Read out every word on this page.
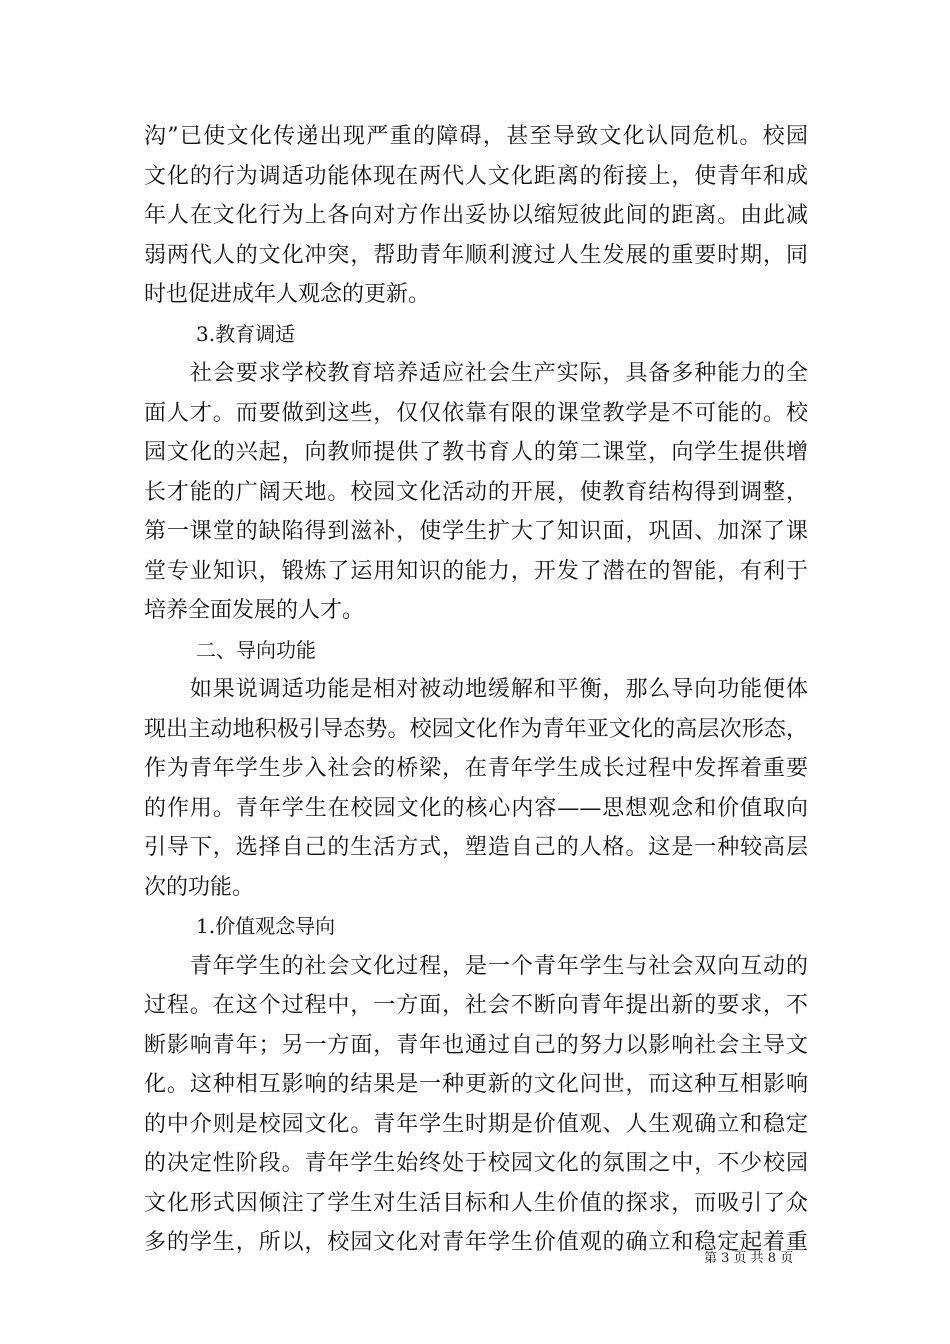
沟”已使文化传递出现严重的障碍，甚至导致文化认同危机。校园
文化的行为调适功能体现在两代人文化距离的衔接上，使青年和成
年人在文化行为上各向对方作出妥协以缩短彼此间的距离。由此减
弱两代人的文化冲突，帮助青年顺利渡过人生发展的重要时期，同
时也促进成年人观念的更新。
3.教育调适
　　社会要求学校教育培养适应社会生产实际，具备多种能力的全
面人才。而要做到这些，仅仅依靠有限的课堂教学是不可能的。校
园文化的兴起，向教师提供了教书育人的第二课堂，向学生提供增
长才能的广阔天地。校园文化活动的开展，使教育结构得到调整，
第一课堂的缺陷得到滋补，使学生扩大了知识面，巩固、加深了课
堂专业知识，锻炼了运用知识的能力，开发了潜在的智能，有利于
培养全面发展的人才。
二、导向功能
　　如果说调适功能是相对被动地缓解和平衡，那么导向功能便体
现出主动地积极引导态势。校园文化作为青年亚文化的高层次形态，
作为青年学生步入社会的桥梁，在青年学生成长过程中发挥着重要
的作用。青年学生在校园文化的核心内容——思想观念和价值取向
引导下，选择自己的生活方式，塑造自己的人格。这是一种较高层
次的功能。
1.价值观念导向
　　青年学生的社会文化过程，是一个青年学生与社会双向互动的
过程。在这个过程中，一方面，社会不断向青年提出新的要求，不
断影响青年；另一方面，青年也通过自己的努力以影响社会主导文
化。这种相互影响的结果是一种更新的文化问世，而这种互相影响
的中介则是校园文化。青年学生时期是价值观、人生观确立和稳定
的决定性阶段。青年学生始终处于校园文化的氛围之中，不少校园
文化形式因倾注了学生对生活目标和人生价值的探求，而吸引了众
多的学生，所以，校园文化对青年学生价值观的确立和稳定起着重
第 3 页 共 8 页
